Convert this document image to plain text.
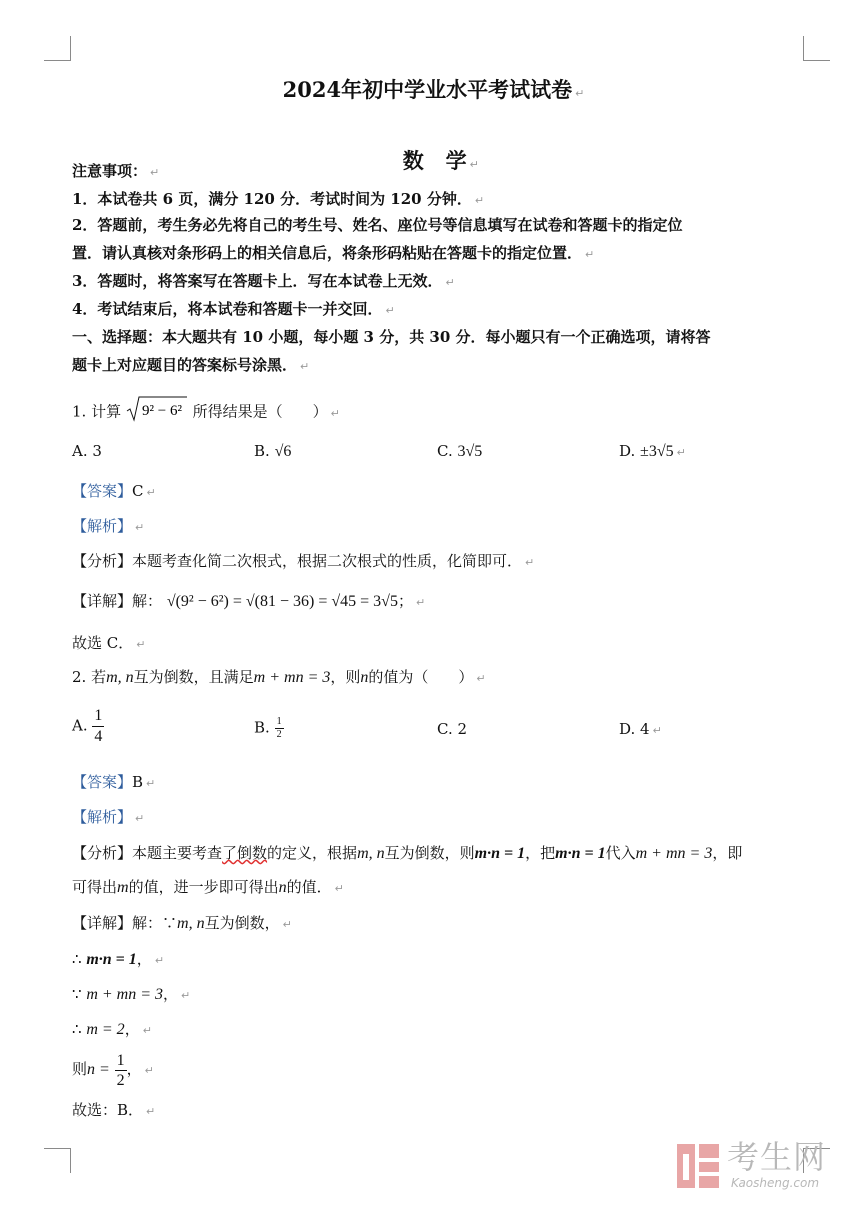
2024年初中学业水平考试试卷 ↵

数   学 ↵

注意事项： ↵
1．本试卷共 6 页，满分 120 分．考试时间为 120 分钟． ↵
2．答题前，考生务必先将自己的考生号、姓名、座位号等信息填写在试卷和答题卡的指定位
置．请认真核对条形码上的相关信息后，将条形码粘贴在答题卡的指定位置． ↵
3．答题时，将答案写在答题卡上．写在本试卷上无效． ↵
4．考试结束后，将本试卷和答题卡一并交回． ↵
一、选择题：本大题共有 10 小题，每小题 3 分，共 30 分．每小题只有一个正确选项，请将答
题卡上对应题目的答案标号涂黑． ↵
1. 计算 9² − 6² 所得结果是（　　） ↵
A. 3	B. √6	C. 3√5	D. ±3√5 ↵
【答案】C ↵
【解析】 ↵
【分析】本题考查化简二次根式，根据二次根式的性质，化简即可． ↵
【详解】解： √(9² − 6²) = √(81 − 36) = √45 = 3√5； ↵
故选 C． ↵
2. 若m, n互为倒数，且满足m + mn = 3，则n的值为（　　） ↵
A. $\frac{1}{4}$	B. $\frac{1}{2}$	C. 2	D. 4 ↵
【答案】B ↵
【解析】 ↵
【分析】本题主要考查了倒数的定义，根据m, n互为倒数，则m·n = 1，把m·n = 1代入m + mn = 3，即
可得出m的值，进一步即可得出n的值． ↵
【详解】解：∵m, n互为倒数， ↵
∴ m·n = 1， ↵
∵ m + mn = 3， ↵
∴ m = 2， ↵
则$n = \frac{1}{2}$ ， ↵
故选：B． ↵
考生网
Kaosheng.com
